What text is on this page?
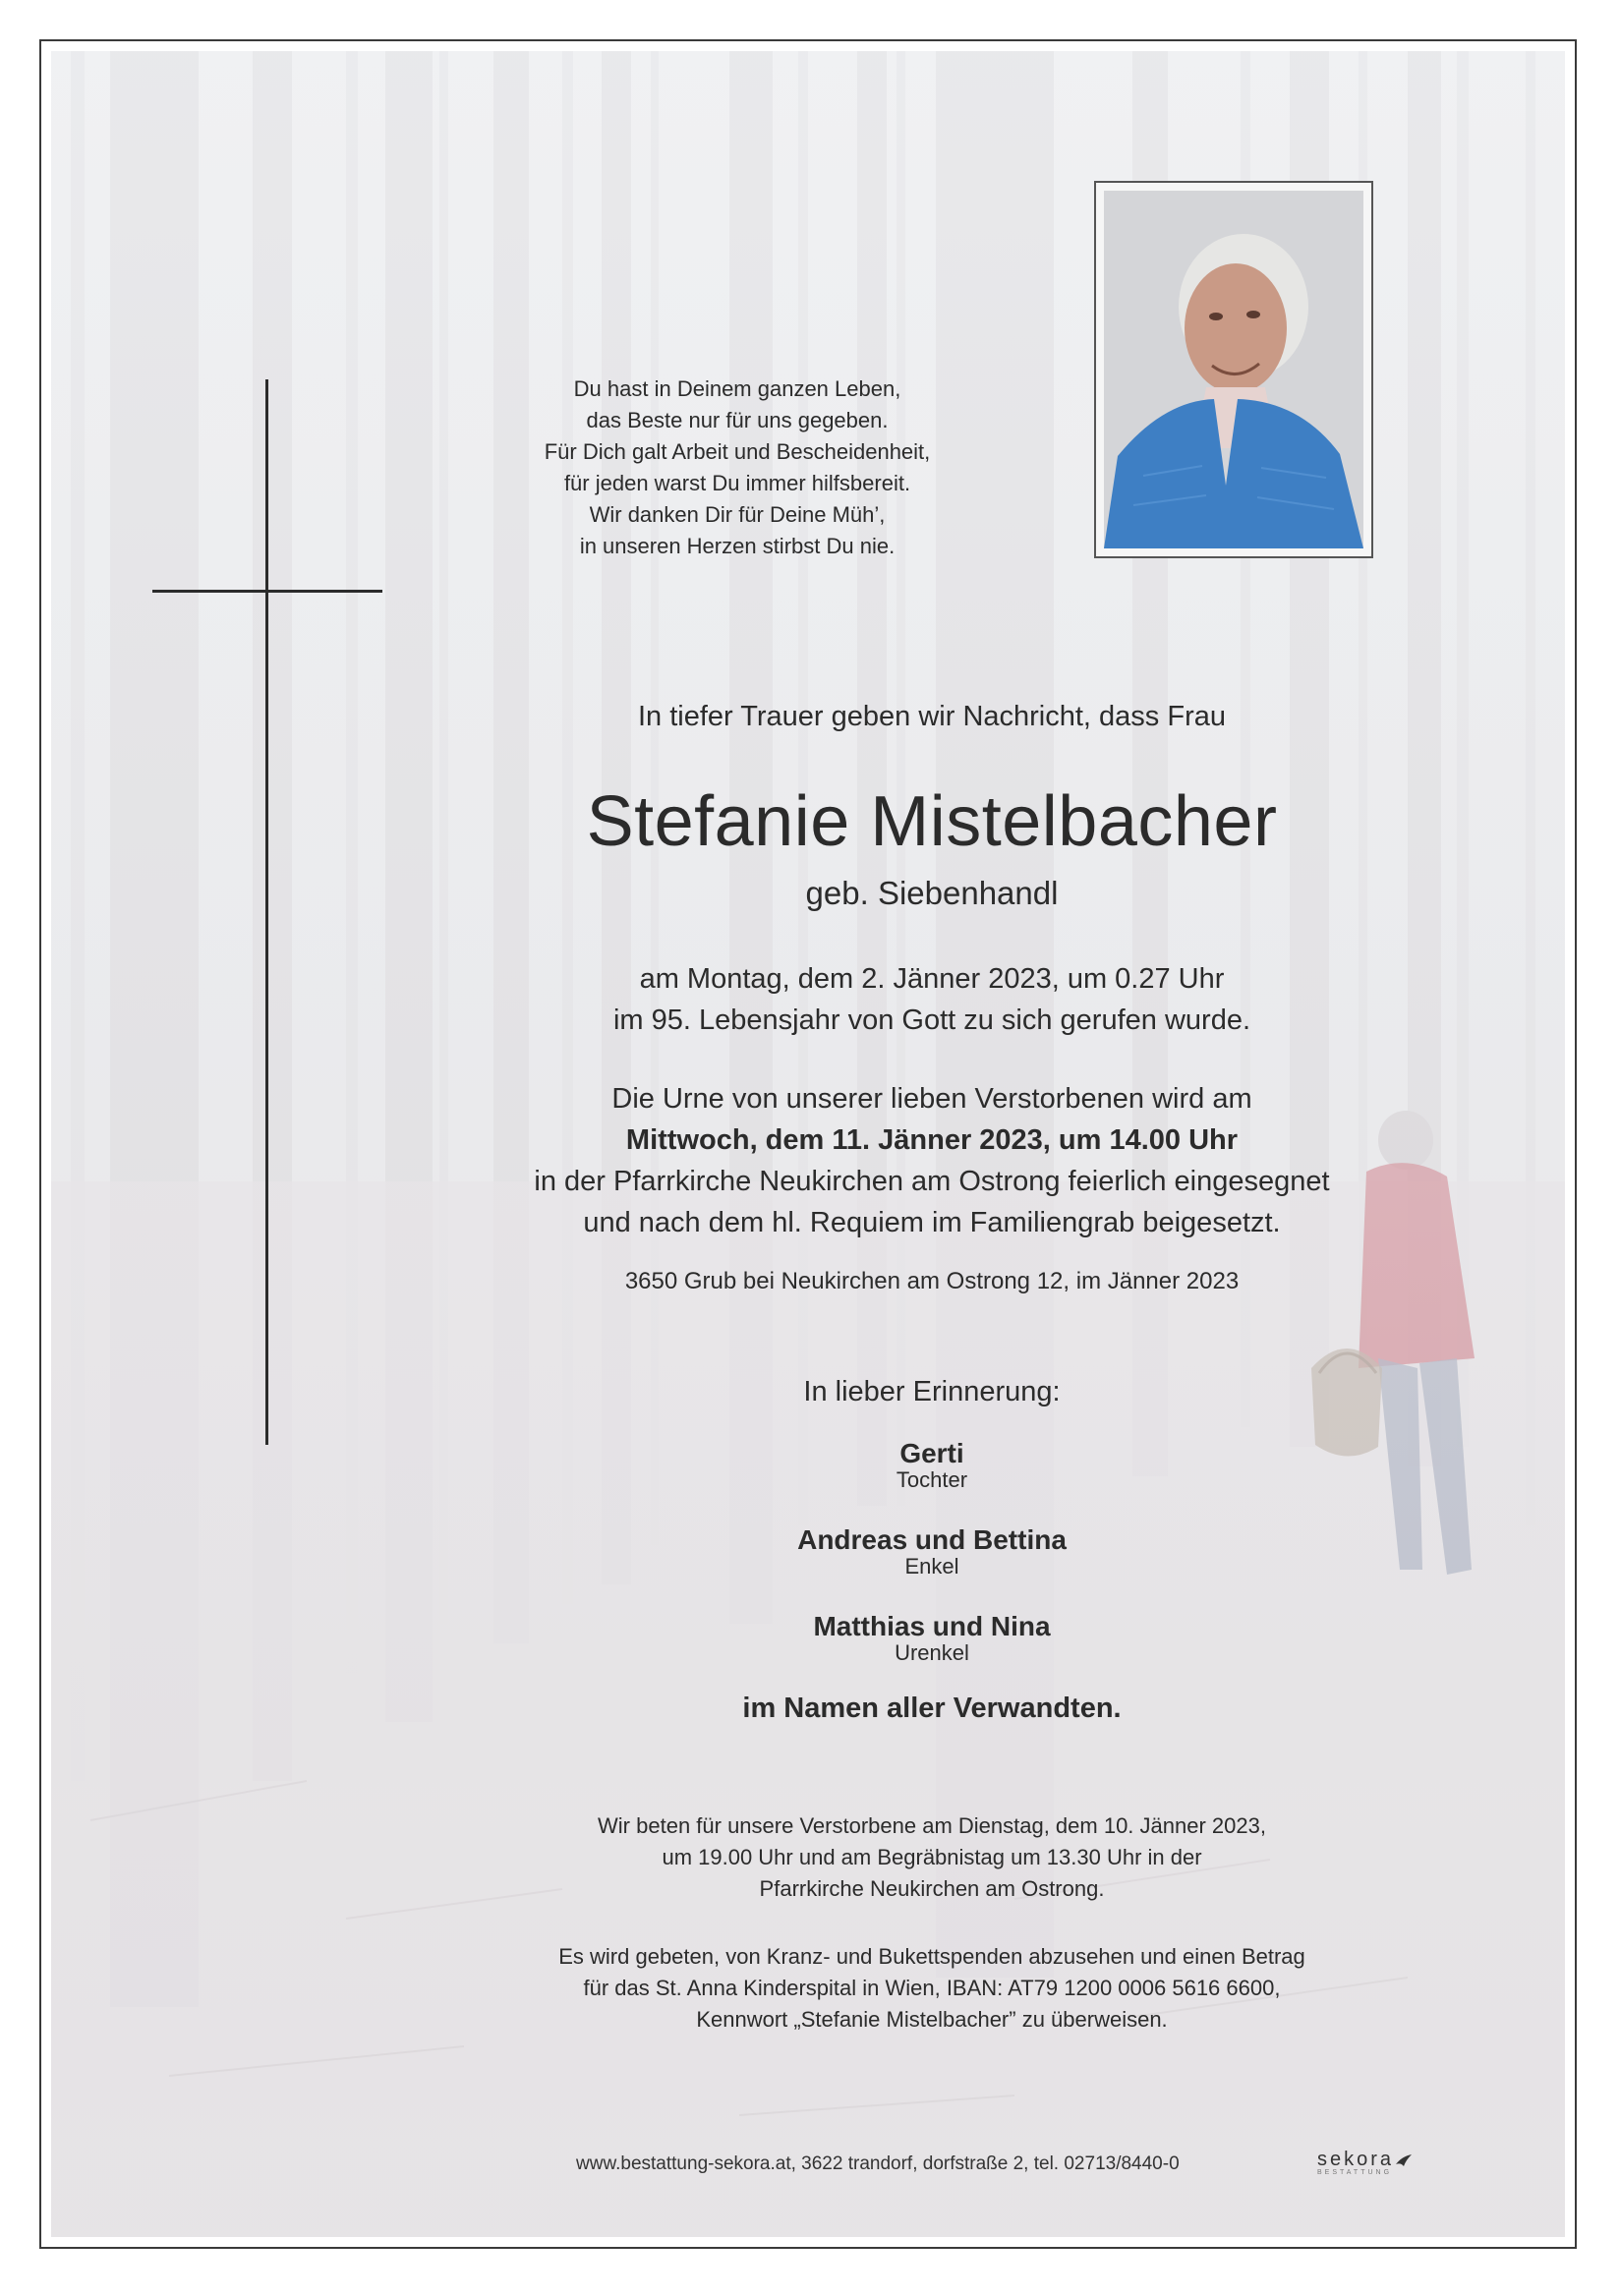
Du hast in Deinem ganzen Leben,
das Beste nur für uns gegeben.
Für Dich galt Arbeit und Bescheidenheit,
für jeden warst Du immer hilfsbereit.
Wir danken Dir für Deine Müh’,
in unseren Herzen stirbst Du nie.
In tiefer Trauer geben wir Nachricht, dass Frau
Stefanie Mistelbacher
geb. Siebenhandl
am Montag, dem 2. Jänner 2023, um 0.27 Uhr
im 95. Lebensjahr von Gott zu sich gerufen wurde.
Die Urne von unserer lieben Verstorbenen wird am
Mittwoch, dem 11. Jänner 2023, um 14.00 Uhr
in der Pfarrkirche Neukirchen am Ostrong feierlich eingesegnet
und nach dem hl. Requiem im Familiengrab beigesetzt.
3650 Grub bei Neukirchen am Ostrong 12, im Jänner 2023
In lieber Erinnerung:
Gerti
Tochter
Andreas und Bettina
Enkel
Matthias und Nina
Urenkel
im Namen aller Verwandten.
Wir beten für unsere Verstorbene am Dienstag, dem 10. Jänner 2023,
um 19.00 Uhr und am Begräbnistag um 13.30 Uhr in der
Pfarrkirche Neukirchen am Ostrong.
Es wird gebeten, von Kranz- und Bukettspenden abzusehen und einen Betrag
für das St. Anna Kinderspital in Wien, IBAN: AT79 1200 0006 5616 6600,
Kennwort „Stefanie Mistelbacher” zu überweisen.
www.bestattung-sekora.at, 3622 trandorf, dorfstraße 2, tel. 02713/8440-0	sekora
BESTATTUNG
